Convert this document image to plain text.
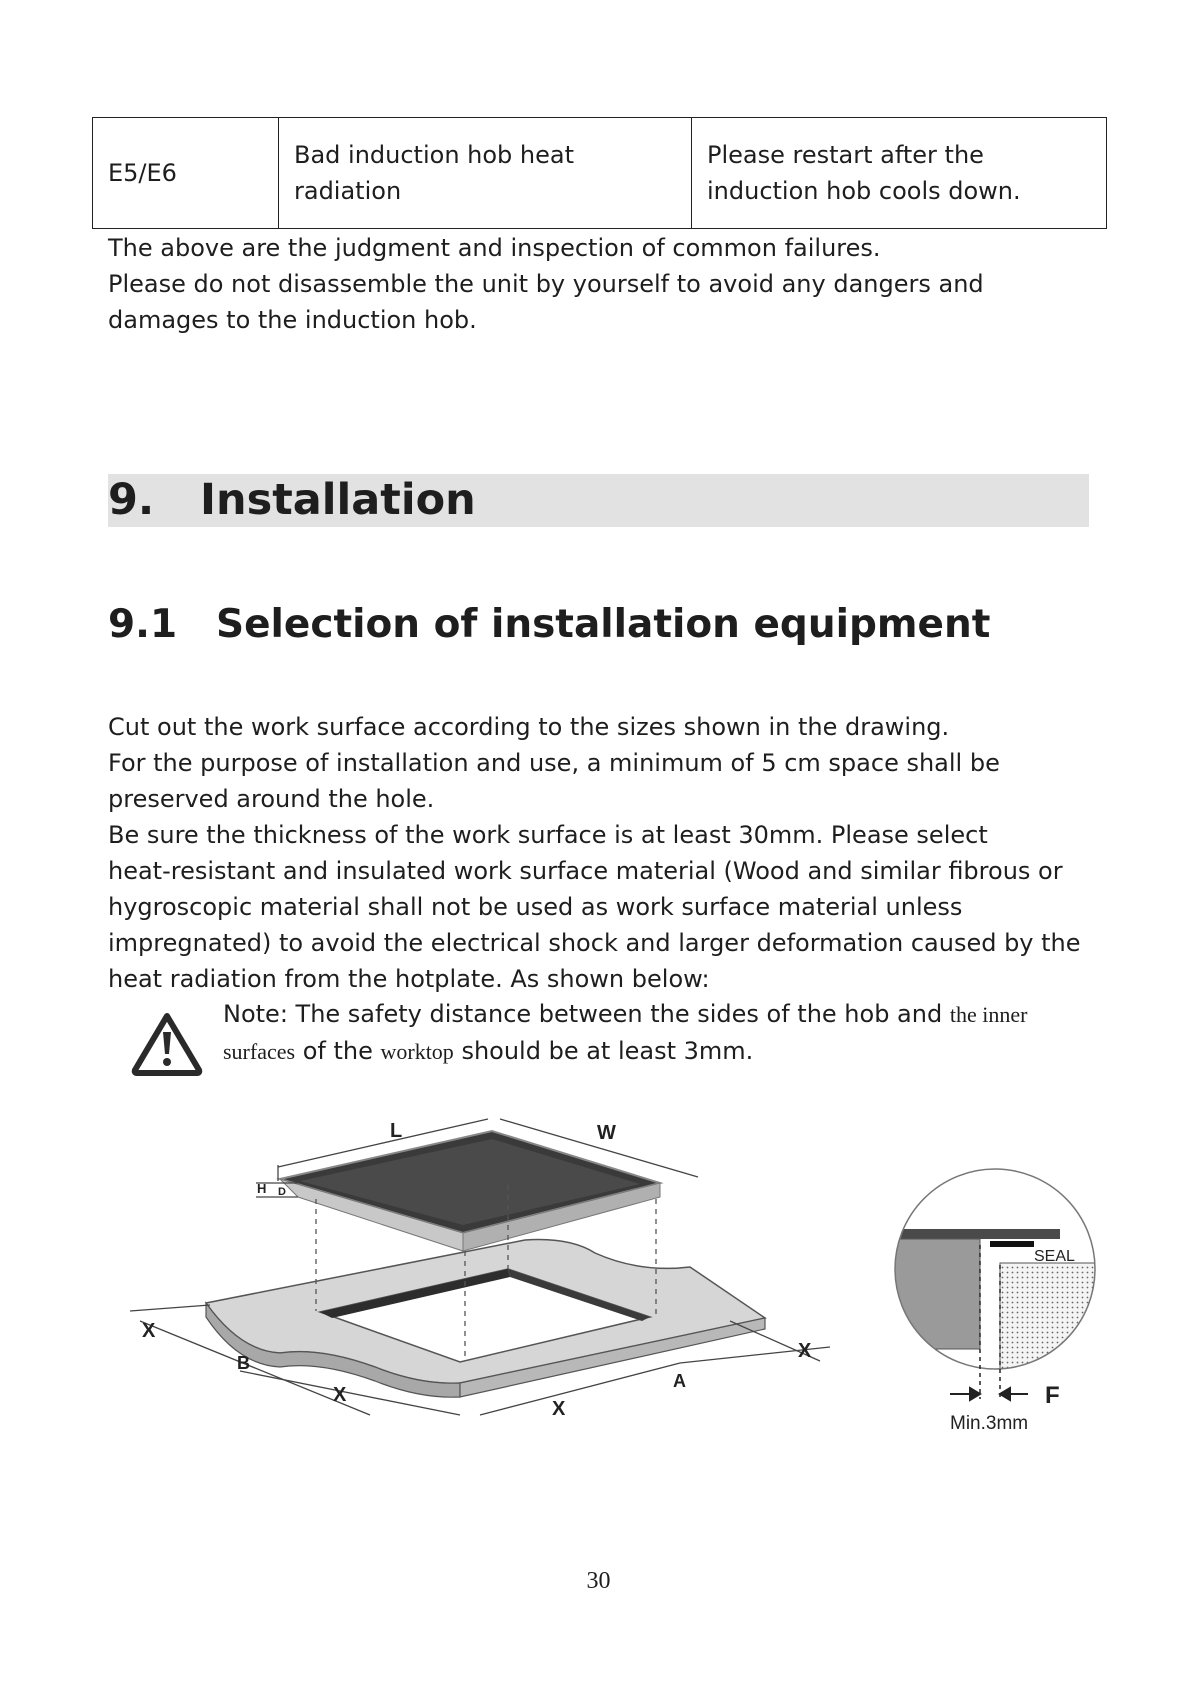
E5/E6	Bad induction hob heat radiation	Please restart after the induction hob cools down.

The above are the judgment and inspection of common failures.

Please do not disassemble the unit by yourself to avoid any dangers and

damages to the induction hob.

9. Installation
9.1 Selection of installation equipment

Cut out the work surface according to the sizes shown in the drawing.

For the purpose of installation and use, a minimum of 5 cm space shall be

preserved around the hole.

Be sure the thickness of the work surface is at least 30mm. Please select

heat-resistant and insulated work surface material (Wood and similar fibrous or

hygroscopic material shall not be used as work surface material unless

impregnated) to avoid the electrical shock and larger deformation caused by the

heat radiation from the hotplate. As shown below:

Note: The safety distance between the sides of the hob and the inner

surfaces of the worktop should be at least 3mm.

L	W
H D
X
B
X
X
A
X
SEAL
F
Min.3mm
30
